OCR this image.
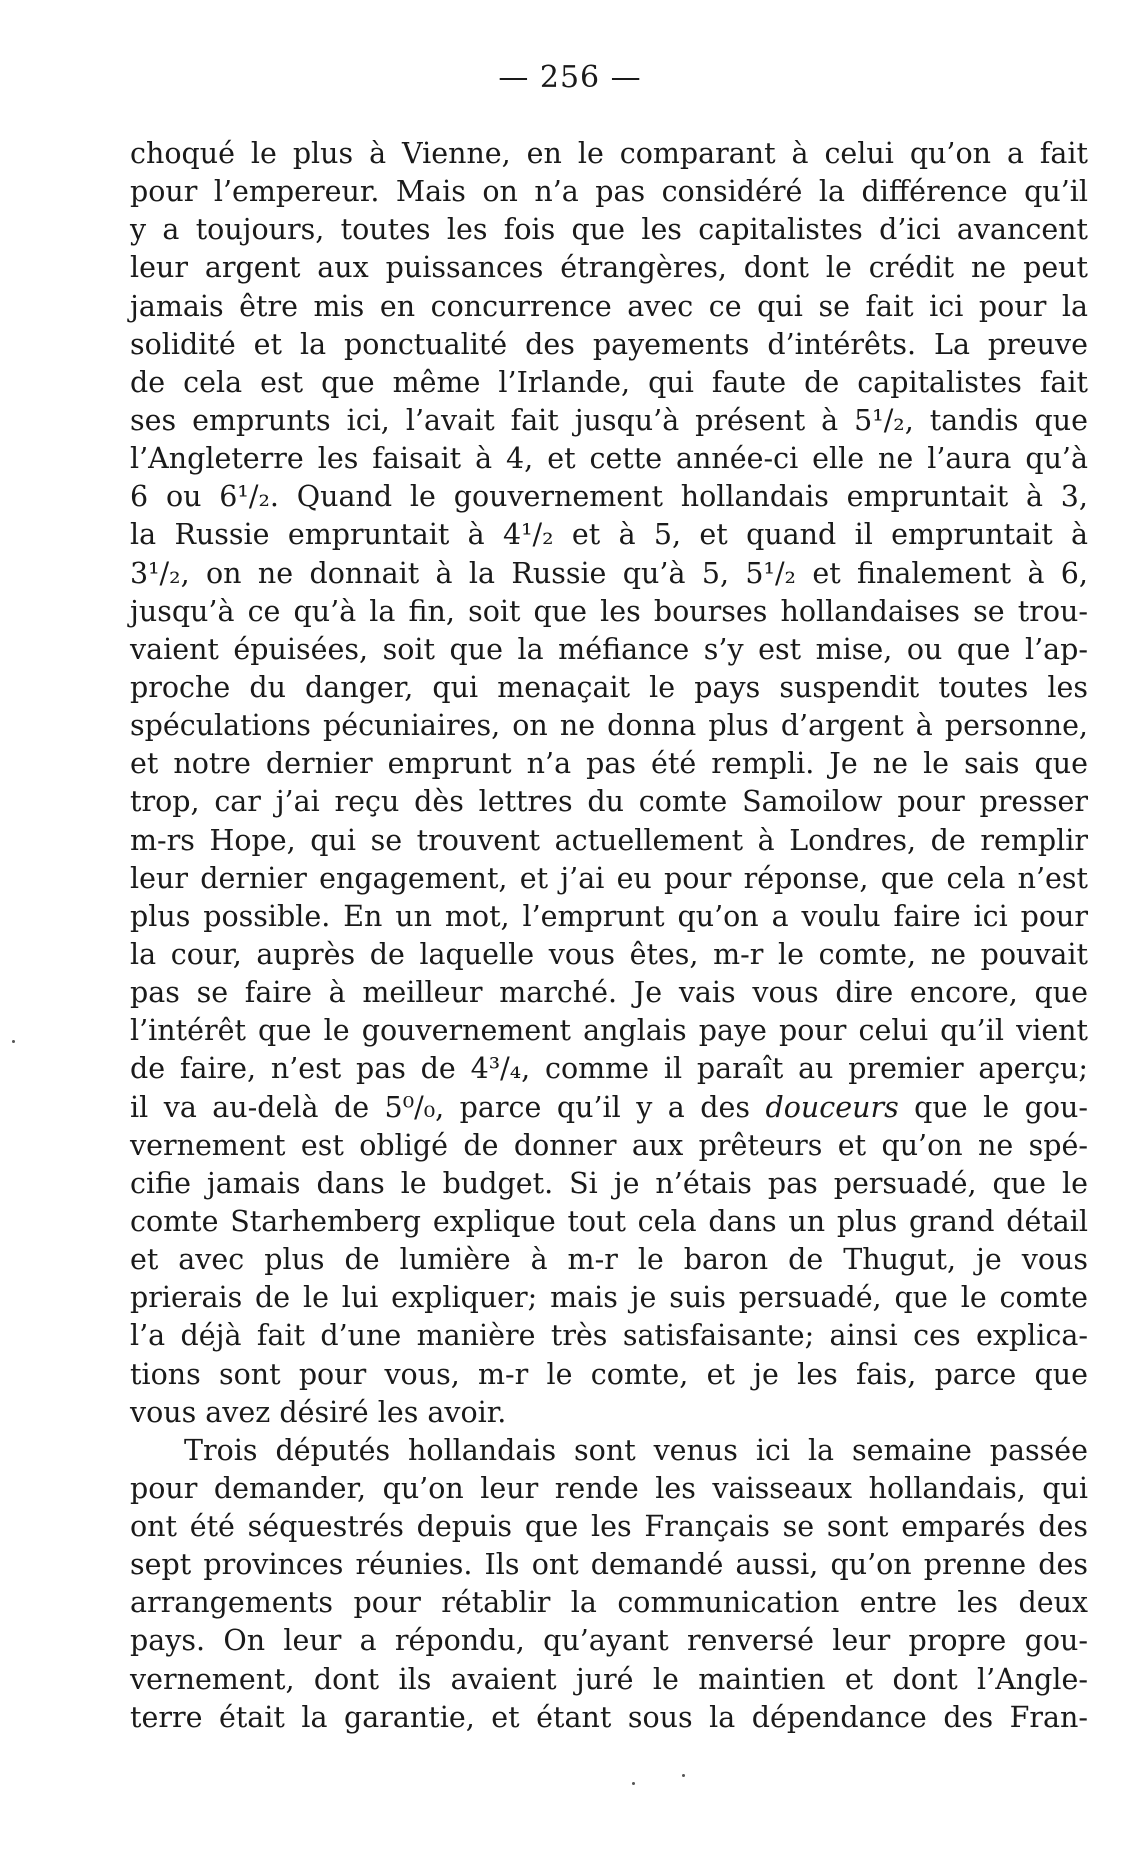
— 256 —
choqué le plus à Vienne, en le comparant à celui qu’on a fait
pour l’empereur. Mais on n’a pas considéré la différence qu’il
y a toujours, toutes les fois que les capitalistes d’ici avancent
leur argent aux puissances étrangères, dont le crédit ne peut
jamais être mis en concurrence avec ce qui se fait ici pour la
solidité et la ponctualité des payements d’intérêts. La preuve
de cela est que même l’Irlande, qui faute de capitalistes fait
ses emprunts ici, l’avait fait jusqu’à présent à 5¹/₂, tandis que
l’Angleterre les faisait à 4, et cette année-ci elle ne l’aura qu’à
6 ou 6¹/₂. Quand le gouvernement hollandais empruntait à 3,
la Russie empruntait à 4¹/₂ et à 5, et quand il empruntait à
3¹/₂, on ne donnait à la Russie qu’à 5, 5¹/₂ et finalement à 6,
jusqu’à ce qu’à la fin, soit que les bourses hollandaises se trou-
vaient épuisées, soit que la méfiance s’y est mise, ou que l’ap-
proche du danger, qui menaçait le pays suspendit toutes les
spéculations pécuniaires, on ne donna plus d’argent à personne,
et notre dernier emprunt n’a pas été rempli. Je ne le sais que
trop, car j’ai reçu dès lettres du comte Samoilow pour presser
m-rs Hope, qui se trouvent actuellement à Londres, de remplir
leur dernier engagement, et j’ai eu pour réponse, que cela n’est
plus possible. En un mot, l’emprunt qu’on a voulu faire ici pour
la cour, auprès de laquelle vous êtes, m-r le comte, ne pouvait
pas se faire à meilleur marché. Je vais vous dire encore, que
l’intérêt que le gouvernement anglais paye pour celui qu’il vient
de faire, n’est pas de 4³/₄, comme il paraît au premier aperçu;
il va au-delà de 5⁰/₀, parce qu’il y a des douceurs que le gou-
vernement est obligé de donner aux prêteurs et qu’on ne spé-
cifie jamais dans le budget. Si je n’étais pas persuadé, que le
comte Starhemberg explique tout cela dans un plus grand détail
et avec plus de lumière à m-r le baron de Thugut, je vous
prierais de le lui expliquer; mais je suis persuadé, que le comte
l’a déjà fait d’une manière très satisfaisante; ainsi ces explica-
tions sont pour vous, m-r le comte, et je les fais, parce que
vous avez désiré les avoir.
Trois députés hollandais sont venus ici la semaine passée
pour demander, qu’on leur rende les vaisseaux hollandais, qui
ont été séquestrés depuis que les Français se sont emparés des
sept provinces réunies. Ils ont demandé aussi, qu’on prenne des
arrangements pour rétablir la communication entre les deux
pays. On leur a répondu, qu’ayant renversé leur propre gou-
vernement, dont ils avaient juré le maintien et dont l’Angle-
terre était la garantie, et étant sous la dépendance des Fran-
